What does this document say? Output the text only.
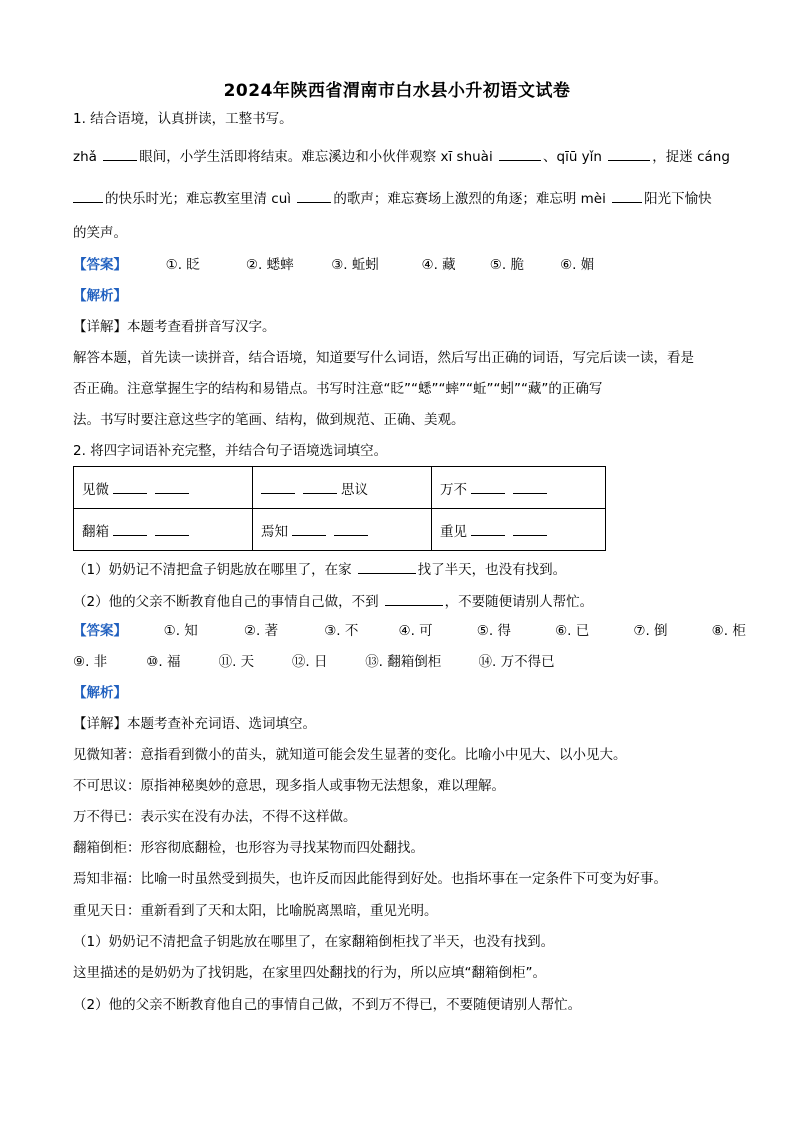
2024年陕西省渭南市白水县小升初语文试卷
1. 结合语境，认真拼读，工整书写。
zhǎ	眼间，小学生活即将结束。难忘溪边和小伙伴观察 xī shuài	、qīū yǐn	，捉迷 cáng
的快乐时光；难忘教室里清 cuì	的歌声；难忘赛场上激烈的角逐；难忘明 mèi	阳光下愉快
的笑声。
【答案】	①. 眨	②. 蟋蟀	③. 蚯蚓	④. 藏	⑤. 脆	⑥. 媚
【解析】
【详解】本题考查看拼音写汉字。
解答本题，首先读一读拼音，结合语境，知道要写什么词语，然后写出正确的词语，写完后读一读，看是
否正确。注意掌握生字的结构和易错点。书写时注意“眨”“蟋”“蟀”“蚯”“蚓”“藏”的正确写
法。书写时要注意这些字的笔画、结构，做到规范、正确、美观。
2. 将四字词语补充完整，并结合句子语境选词填空。
见微	思议	万不
翻箱	焉知	重见
（1）奶奶记不清把盒子钥匙放在哪里了，在家	找了半天，也没有找到。
（2）他的父亲不断教育他自己的事情自己做，不到	，不要随便请别人帮忙。
【答案】	①. 知	②. 著	③. 不	④. 可	⑤. 得	⑥. 已	⑦. 倒	⑧. 柜
⑨. 非	⑩. 福	⑪. 天	⑫. 日	⑬. 翻箱倒柜	⑭. 万不得已
【解析】
【详解】本题考查补充词语、选词填空。
见微知著：意指看到微小的苗头，就知道可能会发生显著的变化。比喻小中见大、以小见大。
不可思议：原指神秘奥妙的意思，现多指人或事物无法想象，难以理解。
万不得已：表示实在没有办法，不得不这样做。
翻箱倒柜：形容彻底翻检，也形容为寻找某物而四处翻找。
焉知非福：比喻一时虽然受到损失，也许反而因此能得到好处。也指坏事在一定条件下可变为好事。
重见天日：重新看到了天和太阳，比喻脱离黑暗，重见光明。
（1）奶奶记不清把盒子钥匙放在哪里了，在家翻箱倒柜找了半天，也没有找到。
这里描述的是奶奶为了找钥匙，在家里四处翻找的行为，所以应填“翻箱倒柜”。
（2）他的父亲不断教育他自己的事情自己做，不到万不得已，不要随便请别人帮忙。
